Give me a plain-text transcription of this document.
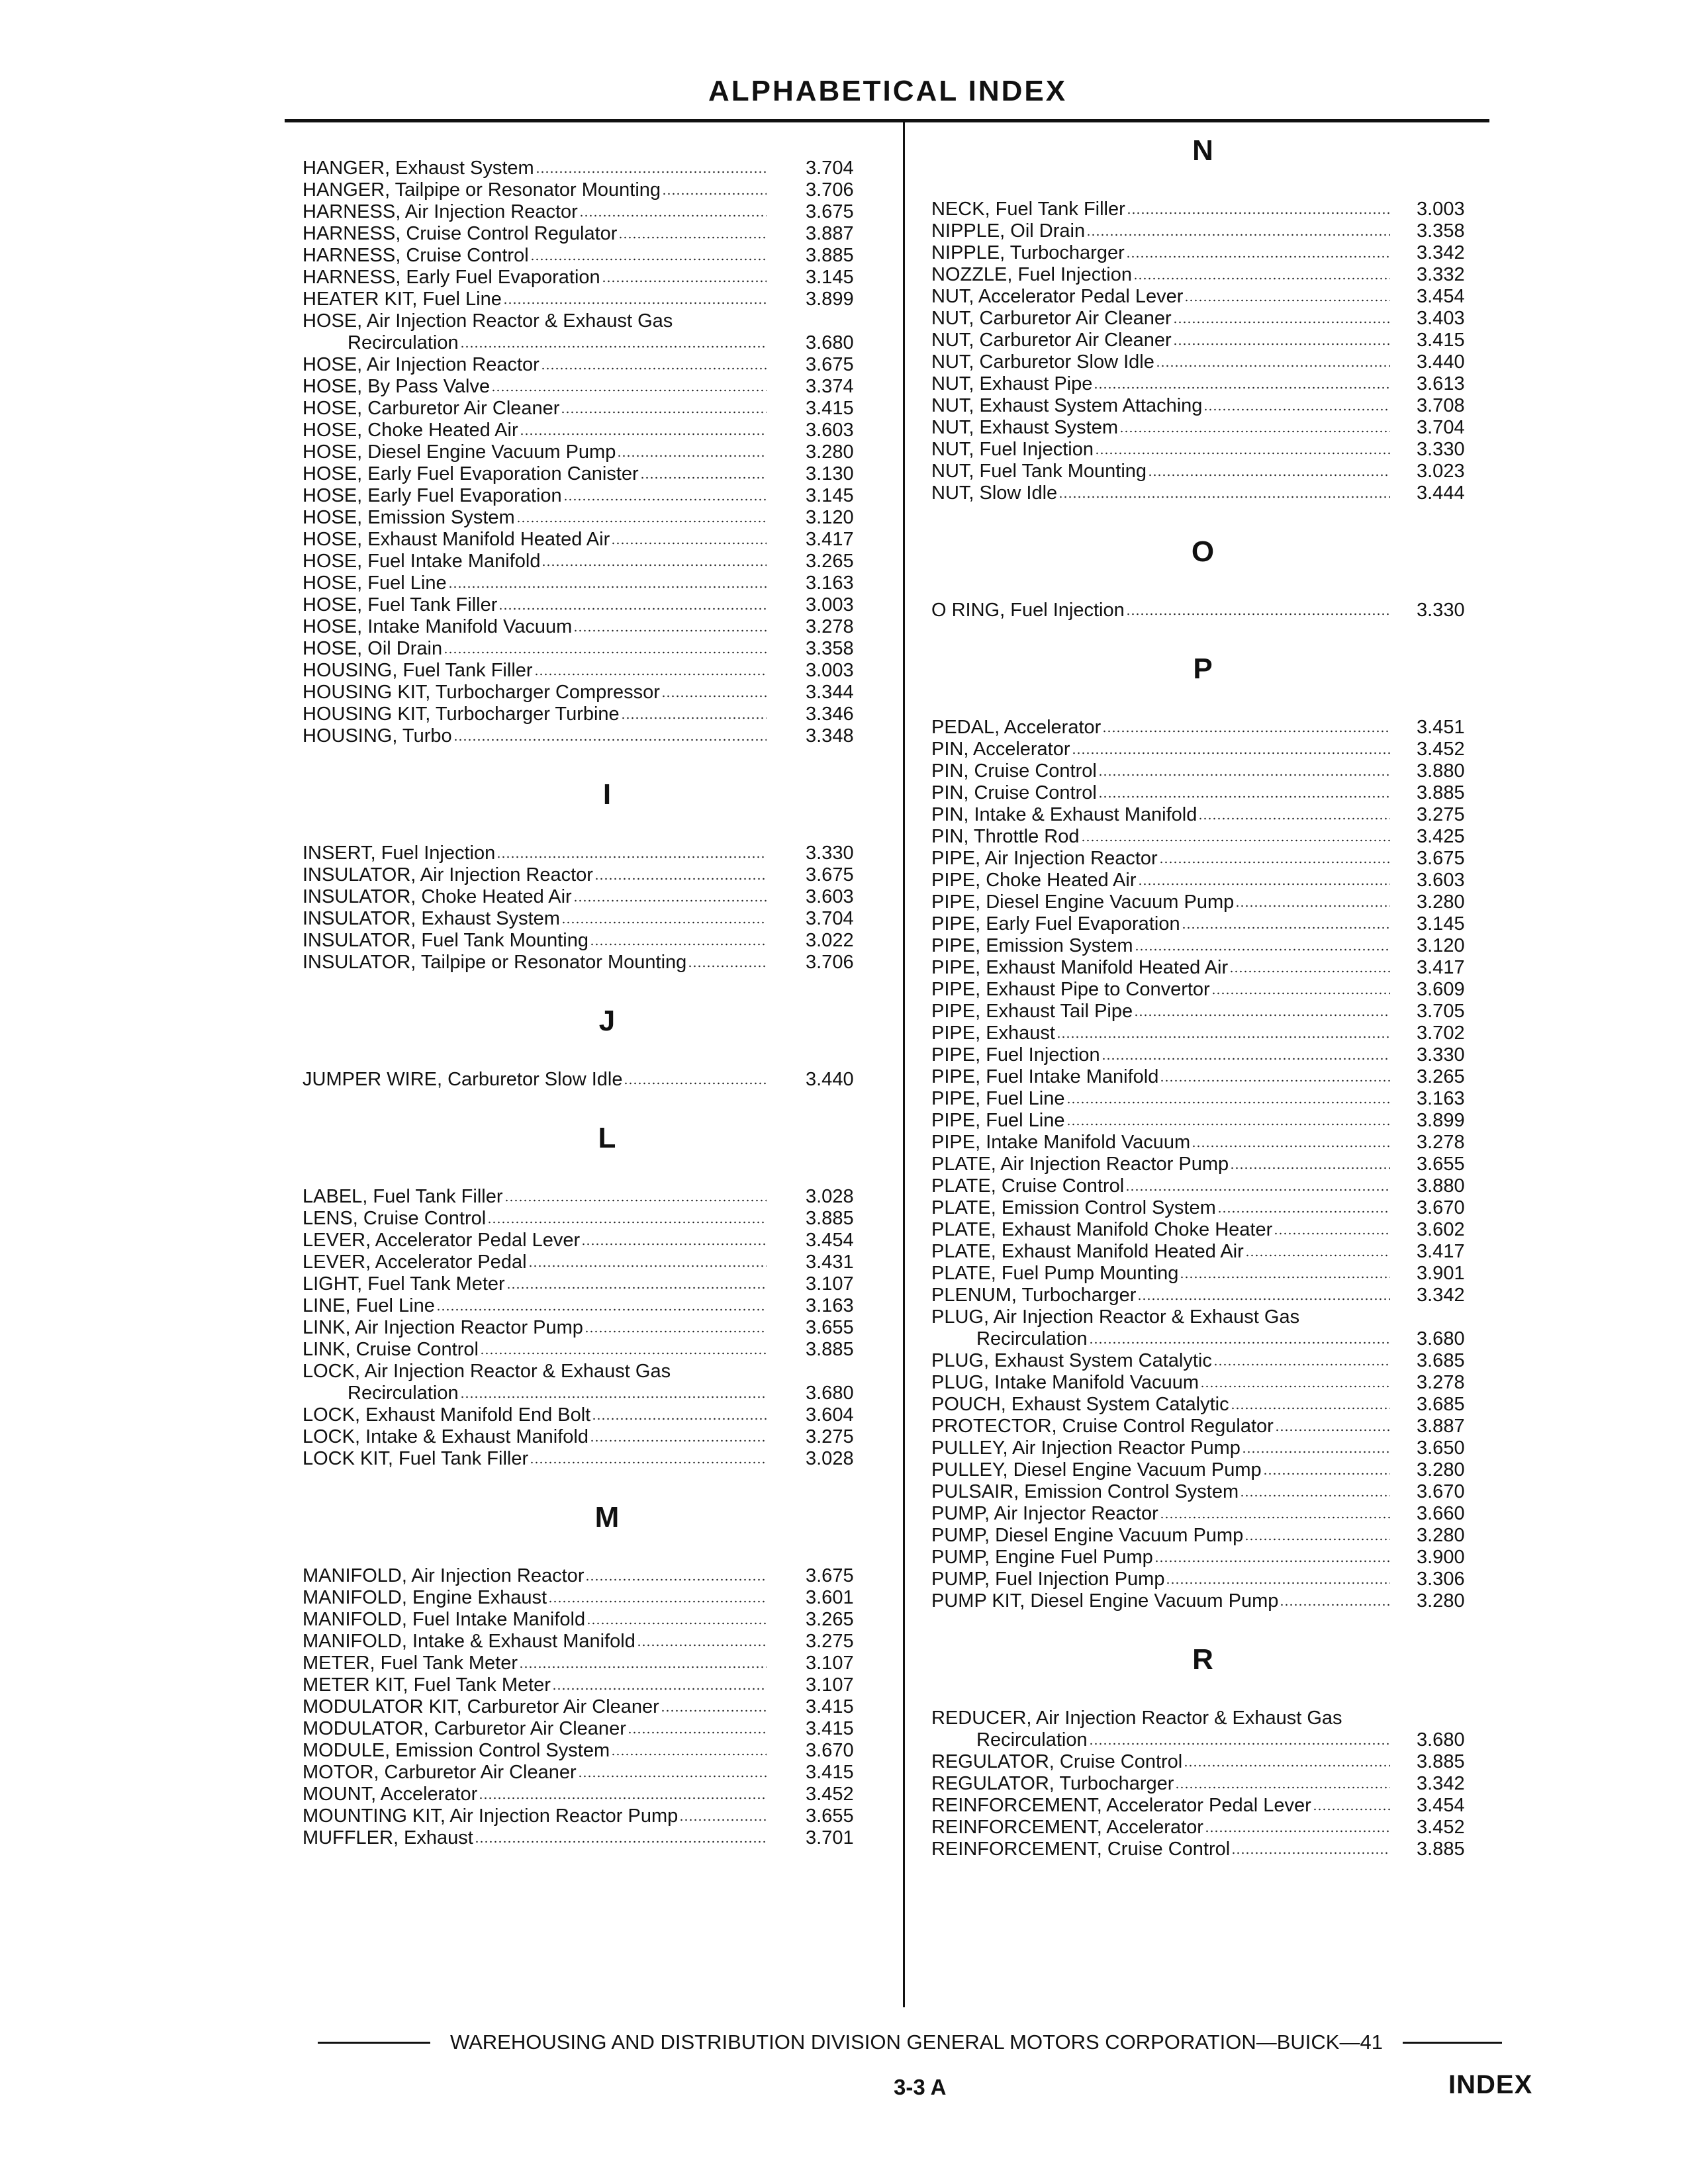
ALPHABETICAL INDEX
HANGER, Exhaust System	3.704
HANGER, Tailpipe or Resonator Mounting	3.706
HARNESS, Air Injection Reactor	3.675
HARNESS, Cruise Control Regulator	3.887
HARNESS, Cruise Control	3.885
HARNESS, Early Fuel Evaporation	3.145
HEATER KIT, Fuel Line	3.899
HOSE, Air Injection Reactor & Exhaust Gas
Recirculation	3.680
HOSE, Air Injection Reactor	3.675
HOSE, By Pass Valve	3.374
HOSE, Carburetor Air Cleaner	3.415
HOSE, Choke Heated Air	3.603
HOSE, Diesel Engine Vacuum Pump	3.280
HOSE, Early Fuel Evaporation Canister	3.130
HOSE, Early Fuel Evaporation	3.145
HOSE, Emission System	3.120
HOSE, Exhaust Manifold Heated Air	3.417
HOSE, Fuel Intake Manifold	3.265
HOSE, Fuel Line	3.163
HOSE, Fuel Tank Filler	3.003
HOSE, Intake Manifold Vacuum	3.278
HOSE, Oil Drain	3.358
HOUSING, Fuel Tank Filler	3.003
HOUSING KIT, Turbocharger Compressor	3.344
HOUSING KIT, Turbocharger Turbine	3.346
HOUSING, Turbo	3.348
I
INSERT, Fuel Injection	3.330
INSULATOR, Air Injection Reactor	3.675
INSULATOR, Choke Heated Air	3.603
INSULATOR, Exhaust System	3.704
INSULATOR, Fuel Tank Mounting	3.022
INSULATOR, Tailpipe or Resonator Mounting	3.706
J
JUMPER WIRE, Carburetor Slow Idle	3.440
L
LABEL, Fuel Tank Filler	3.028
LENS, Cruise Control	3.885
LEVER, Accelerator Pedal Lever	3.454
LEVER, Accelerator Pedal	3.431
LIGHT, Fuel Tank Meter	3.107
LINE, Fuel Line	3.163
LINK, Air Injection Reactor Pump	3.655
LINK, Cruise Control	3.885
LOCK, Air Injection Reactor & Exhaust Gas
Recirculation	3.680
LOCK, Exhaust Manifold End Bolt	3.604
LOCK, Intake & Exhaust Manifold	3.275
LOCK KIT, Fuel Tank Filler	3.028
M
MANIFOLD, Air Injection Reactor	3.675
MANIFOLD, Engine Exhaust	3.601
MANIFOLD, Fuel Intake Manifold	3.265
MANIFOLD, Intake & Exhaust Manifold	3.275
METER, Fuel Tank Meter	3.107
METER KIT, Fuel Tank Meter	3.107
MODULATOR KIT, Carburetor Air Cleaner	3.415
MODULATOR, Carburetor Air Cleaner	3.415
MODULE, Emission Control System	3.670
MOTOR, Carburetor Air Cleaner	3.415
MOUNT, Accelerator	3.452
MOUNTING KIT, Air Injection Reactor Pump	3.655
MUFFLER, Exhaust	3.701
N
NECK, Fuel Tank Filler	3.003
NIPPLE, Oil Drain	3.358
NIPPLE, Turbocharger	3.342
NOZZLE, Fuel Injection	3.332
NUT, Accelerator Pedal Lever	3.454
NUT, Carburetor Air Cleaner	3.403
NUT, Carburetor Air Cleaner	3.415
NUT, Carburetor Slow Idle	3.440
NUT, Exhaust Pipe	3.613
NUT, Exhaust System Attaching	3.708
NUT, Exhaust System	3.704
NUT, Fuel Injection	3.330
NUT, Fuel Tank Mounting	3.023
NUT, Slow Idle	3.444
O
O RING, Fuel Injection	3.330
P
PEDAL, Accelerator	3.451
PIN, Accelerator	3.452
PIN, Cruise Control	3.880
PIN, Cruise Control	3.885
PIN, Intake & Exhaust Manifold	3.275
PIN, Throttle Rod	3.425
PIPE, Air Injection Reactor	3.675
PIPE, Choke Heated Air	3.603
PIPE, Diesel Engine Vacuum Pump	3.280
PIPE, Early Fuel Evaporation	3.145
PIPE, Emission System	3.120
PIPE, Exhaust Manifold Heated Air	3.417
PIPE, Exhaust Pipe to Convertor	3.609
PIPE, Exhaust Tail Pipe	3.705
PIPE, Exhaust	3.702
PIPE, Fuel Injection	3.330
PIPE, Fuel Intake Manifold	3.265
PIPE, Fuel Line	3.163
PIPE, Fuel Line	3.899
PIPE, Intake Manifold Vacuum	3.278
PLATE, Air Injection Reactor Pump	3.655
PLATE, Cruise Control	3.880
PLATE, Emission Control System	3.670
PLATE, Exhaust Manifold Choke Heater	3.602
PLATE, Exhaust Manifold Heated Air	3.417
PLATE, Fuel Pump Mounting	3.901
PLENUM, Turbocharger	3.342
PLUG, Air Injection Reactor & Exhaust Gas
Recirculation	3.680
PLUG, Exhaust System Catalytic	3.685
PLUG, Intake Manifold Vacuum	3.278
POUCH, Exhaust System Catalytic	3.685
PROTECTOR, Cruise Control Regulator	3.887
PULLEY, Air Injection Reactor Pump	3.650
PULLEY, Diesel Engine Vacuum Pump	3.280
PULSAIR, Emission Control System	3.670
PUMP, Air Injector Reactor	3.660
PUMP, Diesel Engine Vacuum Pump	3.280
PUMP, Engine Fuel Pump	3.900
PUMP, Fuel Injection Pump	3.306
PUMP KIT, Diesel Engine Vacuum Pump	3.280
R
REDUCER, Air Injection Reactor & Exhaust Gas
Recirculation	3.680
REGULATOR, Cruise Control	3.885
REGULATOR, Turbocharger	3.342
REINFORCEMENT, Accelerator Pedal Lever	3.454
REINFORCEMENT, Accelerator	3.452
REINFORCEMENT, Cruise Control	3.885
WAREHOUSING AND DISTRIBUTION DIVISION GENERAL MOTORS CORPORATION—BUICK—41
3-3 A	INDEX
